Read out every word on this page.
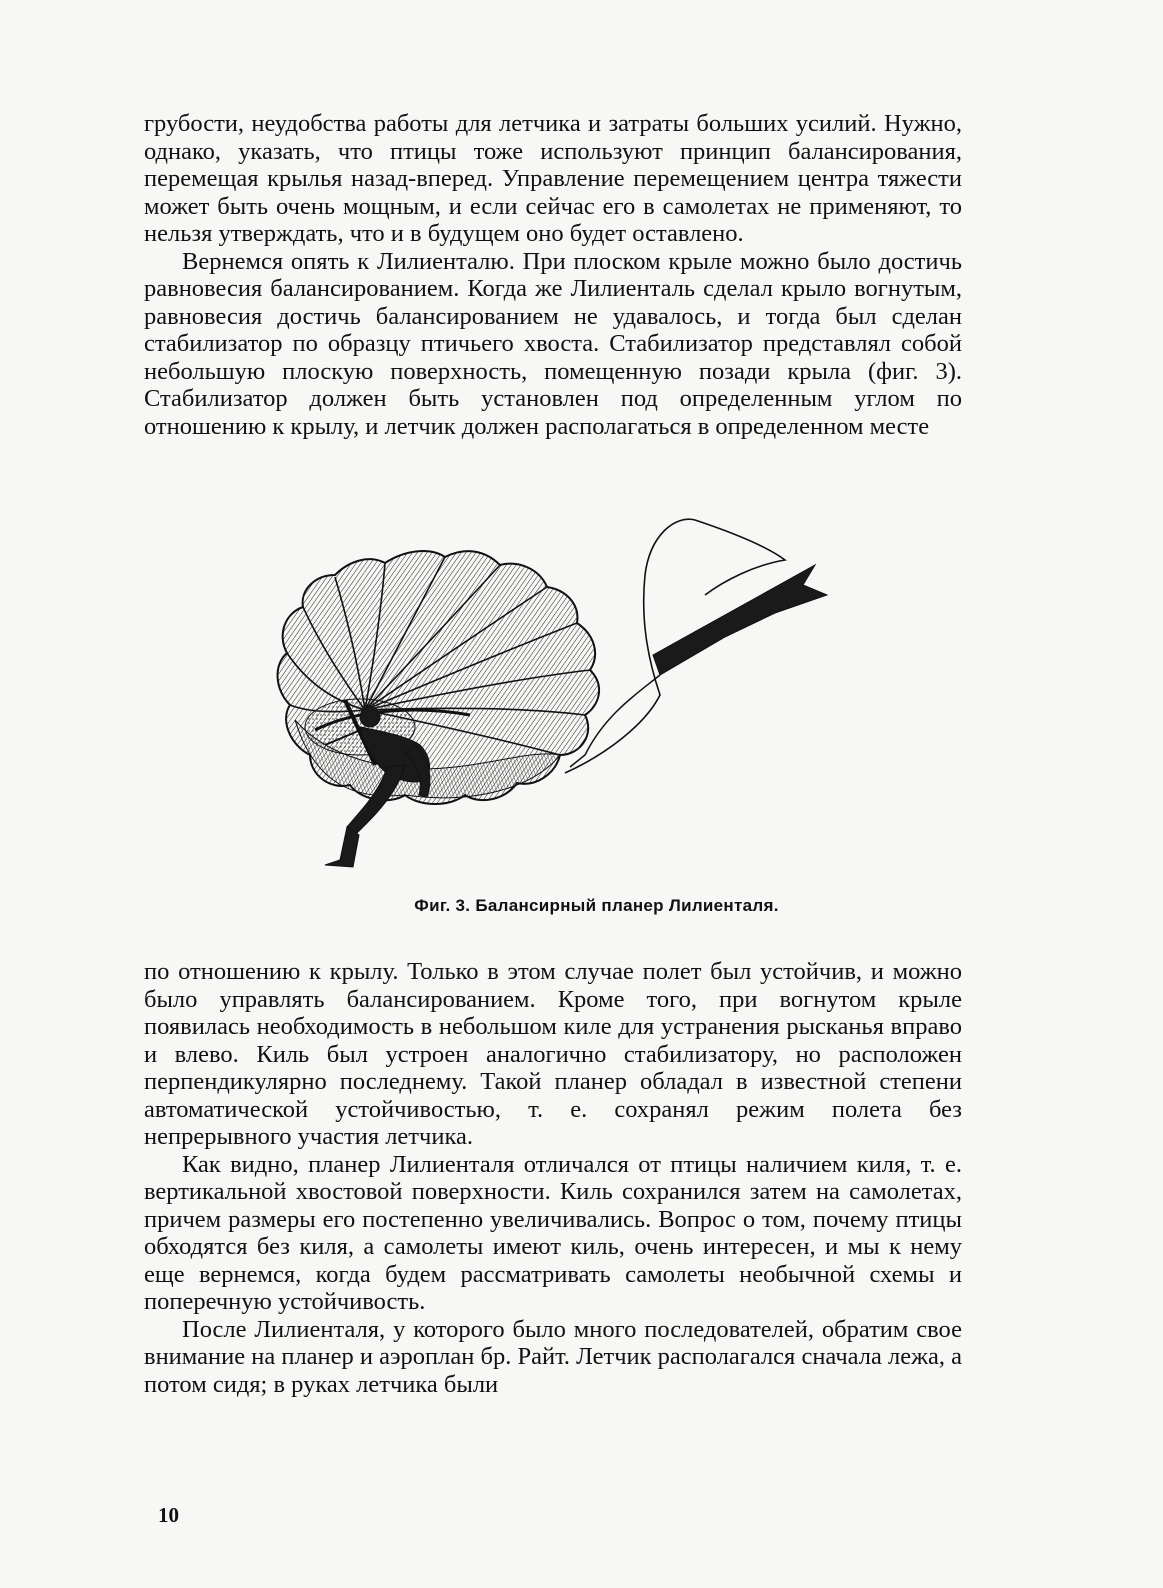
грубости, неудобства работы для летчика и затраты больших усилий. Нужно, однако, указать, что птицы тоже используют принцип балансирования, перемещая крылья назад-вперед. Управление перемещением центра тяжести может быть очень мощным, и если сейчас его в самолетах не применяют, то нельзя утверждать, что и в будущем оно будет оставлено.

Вернемся опять к Лилиенталю. При плоском крыле можно было достичь равновесия балансированием. Когда же Лилиенталь сделал крыло вогнутым, равновесия достичь балансированием не удавалось, и тогда был сделан стабилизатор по образцу птичьего хвоста. Стабилизатор представлял собой небольшую плоскую поверхность, помещенную позади крыла (фиг. 3). Стабилизатор должен быть установлен под определенным углом по отношению к крылу, и летчик должен располагаться в определенном месте

Фиг. 3. Балансирный планер Лилиенталя.

по отношению к крылу. Только в этом случае полет был устойчив, и можно было управлять балансированием. Кроме того, при вогнутом крыле появилась необходимость в небольшом киле для устранения рысканья вправо и влево. Киль был устроен аналогично стабилизатору, но расположен перпендикулярно последнему. Такой планер обладал в известной степени автоматической устойчивостью, т. е. сохранял режим полета без непрерывного участия летчика.

Как видно, планер Лилиенталя отличался от птицы наличием киля, т. е. вертикальной хвостовой поверхности. Киль сохранился затем на самолетах, причем размеры его постепенно увеличивались. Вопрос о том, почему птицы обходятся без киля, а самолеты имеют киль, очень интересен, и мы к нему еще вернемся, когда будем рассматривать самолеты необычной схемы и поперечную устойчивость.

После Лилиенталя, у которого было много последователей, обратим свое внимание на планер и аэроплан бр. Райт. Летчик располагался сначала лежа, а потом сидя; в руках летчика были

10
